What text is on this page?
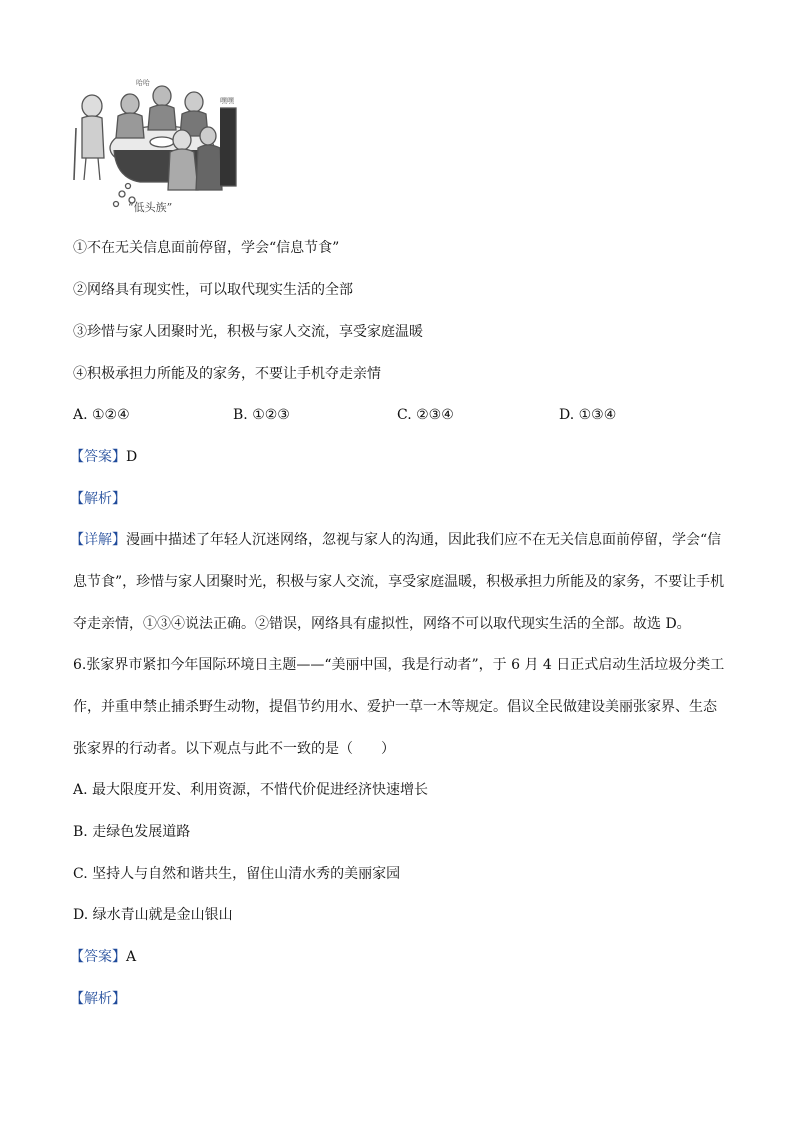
哈哈
嘿嘿
“低头族”
①不在无关信息面前停留，学会“信息节食”
②网络具有现实性，可以取代现实生活的全部
③珍惜与家人团聚时光，积极与家人交流，享受家庭温暖
④积极承担力所能及的家务，不要让手机夺走亲情
A. ①②④	B. ①②③	C. ②③④	D. ①③④
【答案】D
【解析】
【详解】漫画中描述了年轻人沉迷网络，忽视与家人的沟通，因此我们应不在无关信息面前停留，学会“信
息节食”，珍惜与家人团聚时光，积极与家人交流，享受家庭温暖，积极承担力所能及的家务，不要让手机
夺走亲情，①③④说法正确。②错误，网络具有虚拟性，网络不可以取代现实生活的全部。故选 D。
6.张家界市紧扣今年国际环境日主题——“美丽中国，我是行动者”，于 6 月 4 日正式启动生活垃圾分类工
作，并重申禁止捕杀野生动物，提倡节约用水、爱护一草一木等规定。倡议全民做建设美丽张家界、生态
张家界的行动者。以下观点与此不一致的是（　　）
A. 最大限度开发、利用资源，不惜代价促进经济快速增长
B. 走绿色发展道路
C. 坚持人与自然和谐共生，留住山清水秀的美丽家园
D. 绿水青山就是金山银山
【答案】A
【解析】
